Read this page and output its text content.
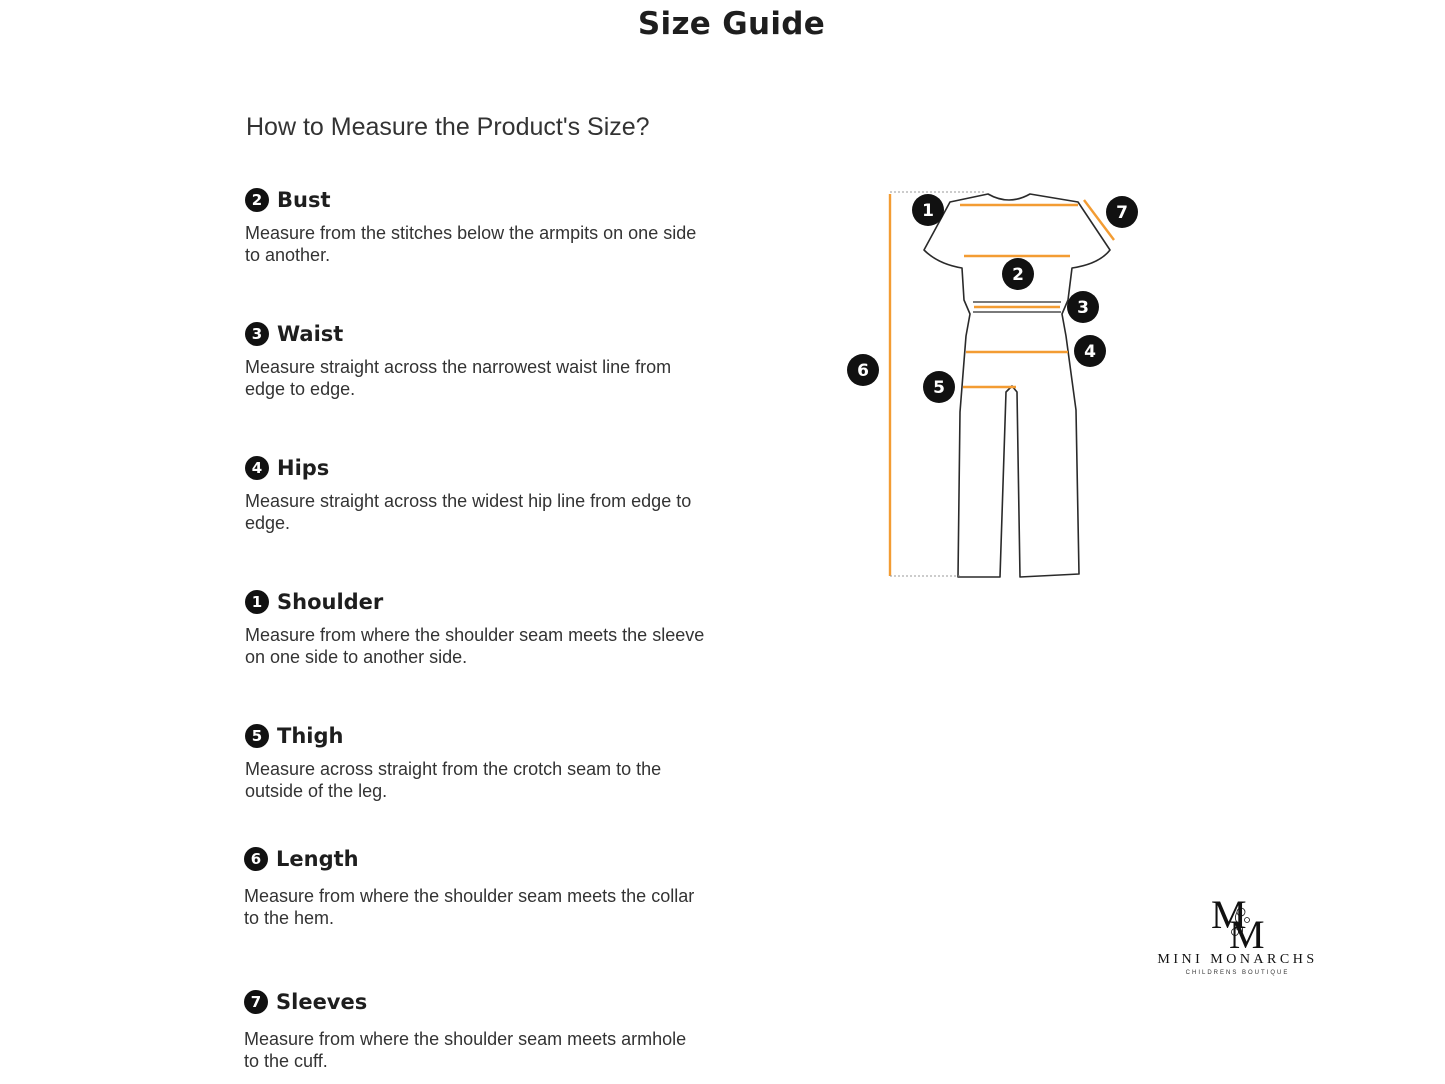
Size Guide
How to Measure the Product's Size?
2 Bust
Measure from the stitches below the armpits on one side
to another.
3 Waist
Measure straight across the narrowest waist line from
edge to edge.
4 Hips
Measure straight across the widest hip line from edge to
edge.
1 Shoulder
Measure from where the shoulder seam meets the sleeve
on one side to another side.
5 Thigh
Measure across straight from the crotch seam to the
outside of the leg.
6 Length
Measure from where the shoulder seam meets the collar
to the hem.
7 Sleeves
Measure from where the shoulder seam meets armhole
to the cuff.
1
2
3
4
5
6
7
M
M
MINI MONARCHS
CHILDRENS BOUTIQUE
